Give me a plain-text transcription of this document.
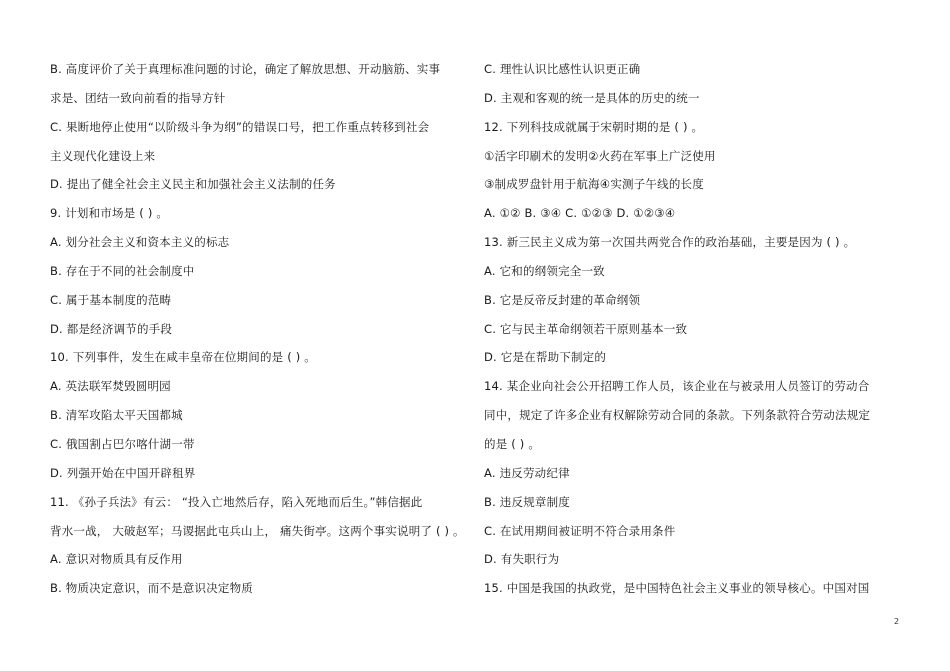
B. 高度评价了关于真理标准问题的讨论，确定了解放思想、开动脑筋、实事
求是、团结一致向前看的指导方针
C. 果断地停止使用“以阶级斗争为纲”的错误口号，把工作重点转移到社会
主义现代化建设上来
D. 提出了健全社会主义民主和加强社会主义法制的任务
9. 计划和市场是 ( ) 。
A. 划分社会主义和资本主义的标志
B. 存在于不同的社会制度中
C. 属于基本制度的范畴
D. 都是经济调节的手段
10. 下列事件，发生在咸丰皇帝在位期间的是 ( ) 。
A. 英法联军焚毁圆明园
B. 清军攻陷太平天国都城
C. 俄国割占巴尔喀什湖一带
D. 列强开始在中国开辟租界
11. 《孙子兵法》有云： “投入亡地然后存，陷入死地而后生。”韩信据此
背水一战， 大破赵军；马谡据此屯兵山上， 痛失街亭。这两个事实说明了 ( ) 。
A. 意识对物质具有反作用
B. 物质决定意识，而不是意识决定物质
C. 理性认识比感性认识更正确
D. 主观和客观的统一是具体的历史的统一
12. 下列科技成就属于宋朝时期的是 ( ) 。
①活字印刷术的发明②火药在军事上广泛使用
③制成罗盘针用于航海④实测子午线的长度
A. ①② B. ③④ C. ①②③ D. ①②③④
13. 新三民主义成为第一次国共两党合作的政治基础，主要是因为 ( ) 。
A. 它和的纲领完全一致
B. 它是反帝反封建的革命纲领
C. 它与民主革命纲领若干原则基本一致
D. 它是在帮助下制定的
14. 某企业向社会公开招聘工作人员，该企业在与被录用人员签订的劳动合
同中，规定了许多企业有权解除劳动合同的条款。下列条款符合劳动法规定
的是 ( ) 。
A. 违反劳动纪律
B. 违反规章制度
C. 在试用期间被证明不符合录用条件
D. 有失职行为
15. 中国是我国的执政党，是中国特色社会主义事业的领导核心。中国对国
2
